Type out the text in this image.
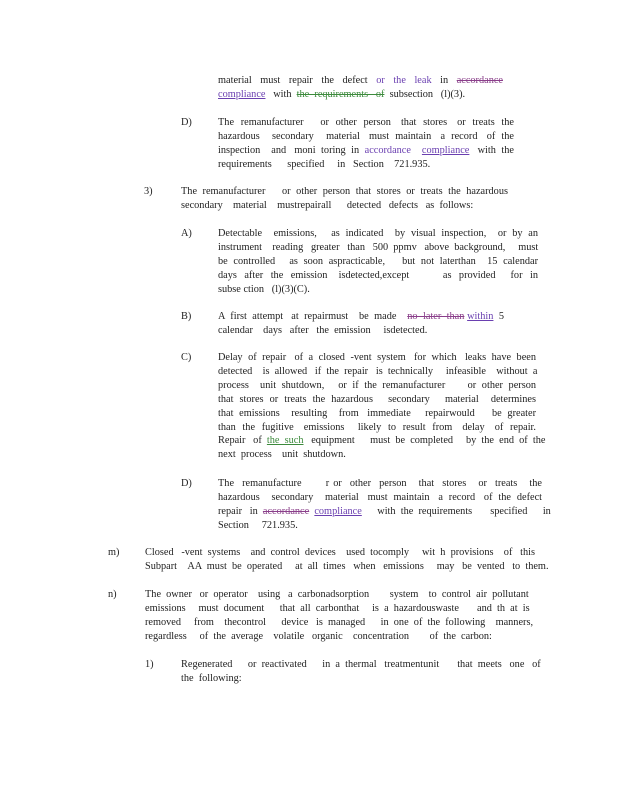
material  must  repair  the  defect  or  the  leak  in  accordance
compliance   with  the  requirements   of  subsection   (l)(3).
D)	The  remanufacturer     or  other  person   that  stores   or  treats  the
hazardous    secondary    material   must  maintain   a  record   of  the
inspection    and   moni  toring  in  accordance compliance   with  the
requirements      specified     in   Section    721.935.
3)	The  remanufacturer      or  other  person  that  stores  or  treats  the  hazardous
secondary    material    mustrepairall      detected   defects   as  follows:
A)	Detectable    emissions,     as  indicated    by  visual  inspection,    or  by  an
instrument    reading   greater   than   500  ppmv   above  background,     must
be  controlled     as  soon  aspracticable,      but  not  laterthan    15  calendar
days  after  the  emission   isdetected,except         as  provided    for  in
subse ction   (l)(3)(C).
B)	A  first  attempt   at  repairmust    be  made    no  later  than within  5
calendar    days   after   the  emission     isdetected.
C)	Delay  of  repair   of  a  closed  -vent  system   for  which   leaks  have  been
detected    is  allowed   if  the  repair   is  technically     infeasible    without  a
process    unit  shutdown,     or  if  the  remanufacturer        or  other  person
that  stores  or  treats  the  hazardous     secondary     material    determines
that  emissions    resulting    from   immediate     repairwould      be  greater
than  the  fugitive   emissions    likely  to  result  from   delay   of  repair.
Repair   of  the  such   equipment      must  be  completed     by  the  end  of  the
next  process    unit  shutdown.
D)	The  remanufacture      r or  other  person   that  stores   or  treats   the
hazardous    secondary    material   must  maintain   a  record   of  the  defect
repair   in  accordance compliance      with  the  requirements       specified      in
Section     721.935.
m) Closed   -vent  systems    and  control  devices    used  tocomply     wit  h  provisions    of   this
Subpart    AA  must  be  operated     at  all  times   when   emissions     may   be  vented   to  them.
n)	The  owner   or  operator    using   a  carbonadsorption        system    to  control  air  pollutant
emissions     must  document      that  all  carbonthat     is  a  hazardouswaste       and  th  at  is
removed     from    thecontrol      device   is  managed      in  one  of  the  following    manners,
regardless     of  the  average    volatile   organic    concentration        of  the  carbon:
1)	Regenerated      or  reactivated      in  a  thermal   treatmentunit       that  meets   one   of
the  following:
